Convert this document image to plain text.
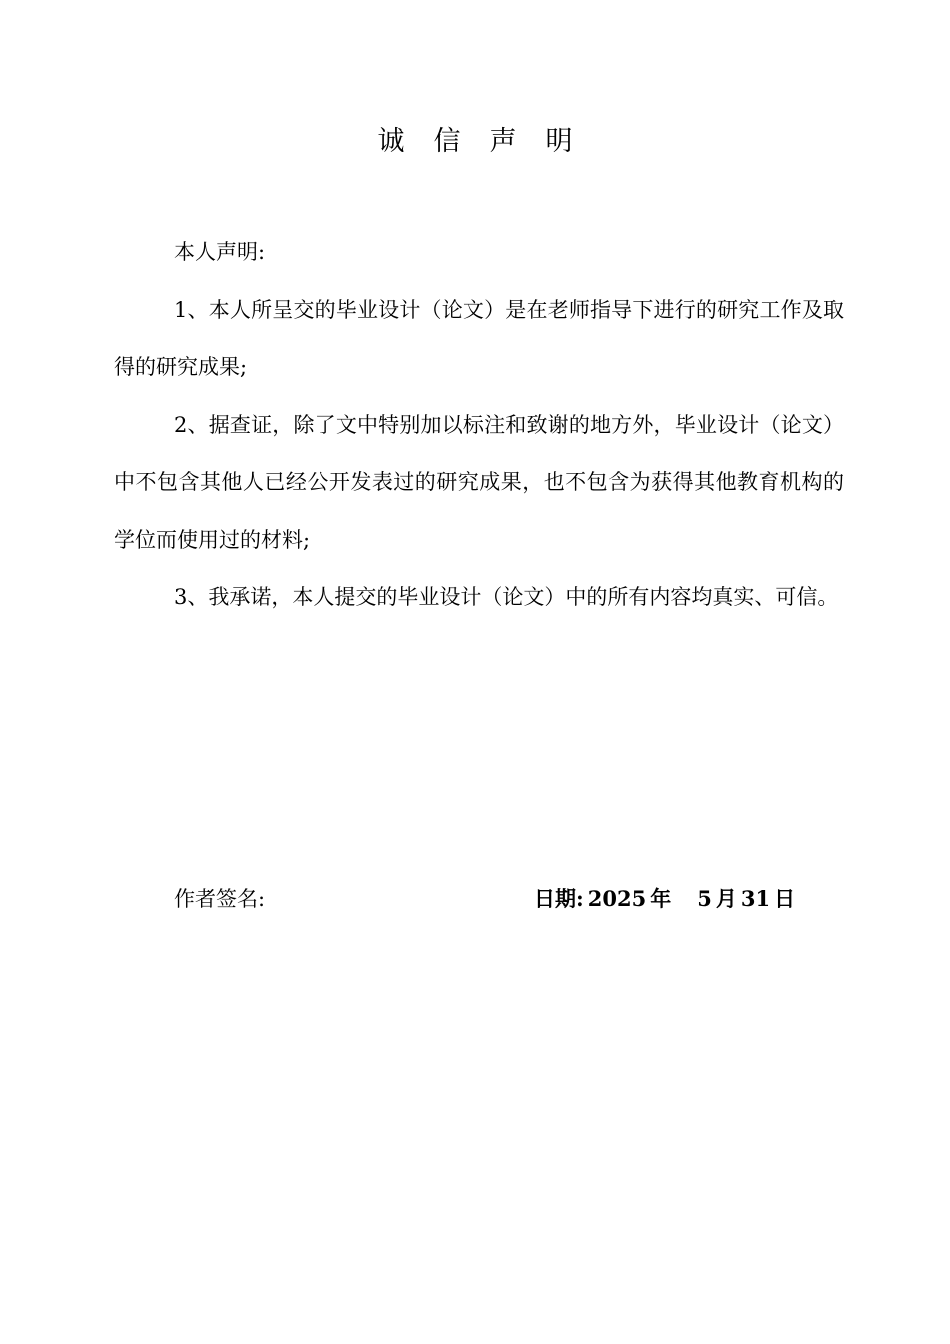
诚信声明

本人声明:

1、本人所呈交的毕业设计（论文）是在老师指导下进行的研究工作及取得的研究成果;

2、据查证，除了文中特别加以标注和致谢的地方外，毕业设计（论文）中不包含其他人已经公开发表过的研究成果，也不包含为获得其他教育机构的学位而使用过的材料;

3、我承诺，本人提交的毕业设计（论文）中的所有内容均真实、可信。

作者签名:	日期: 2025 年 5 月 31 日
